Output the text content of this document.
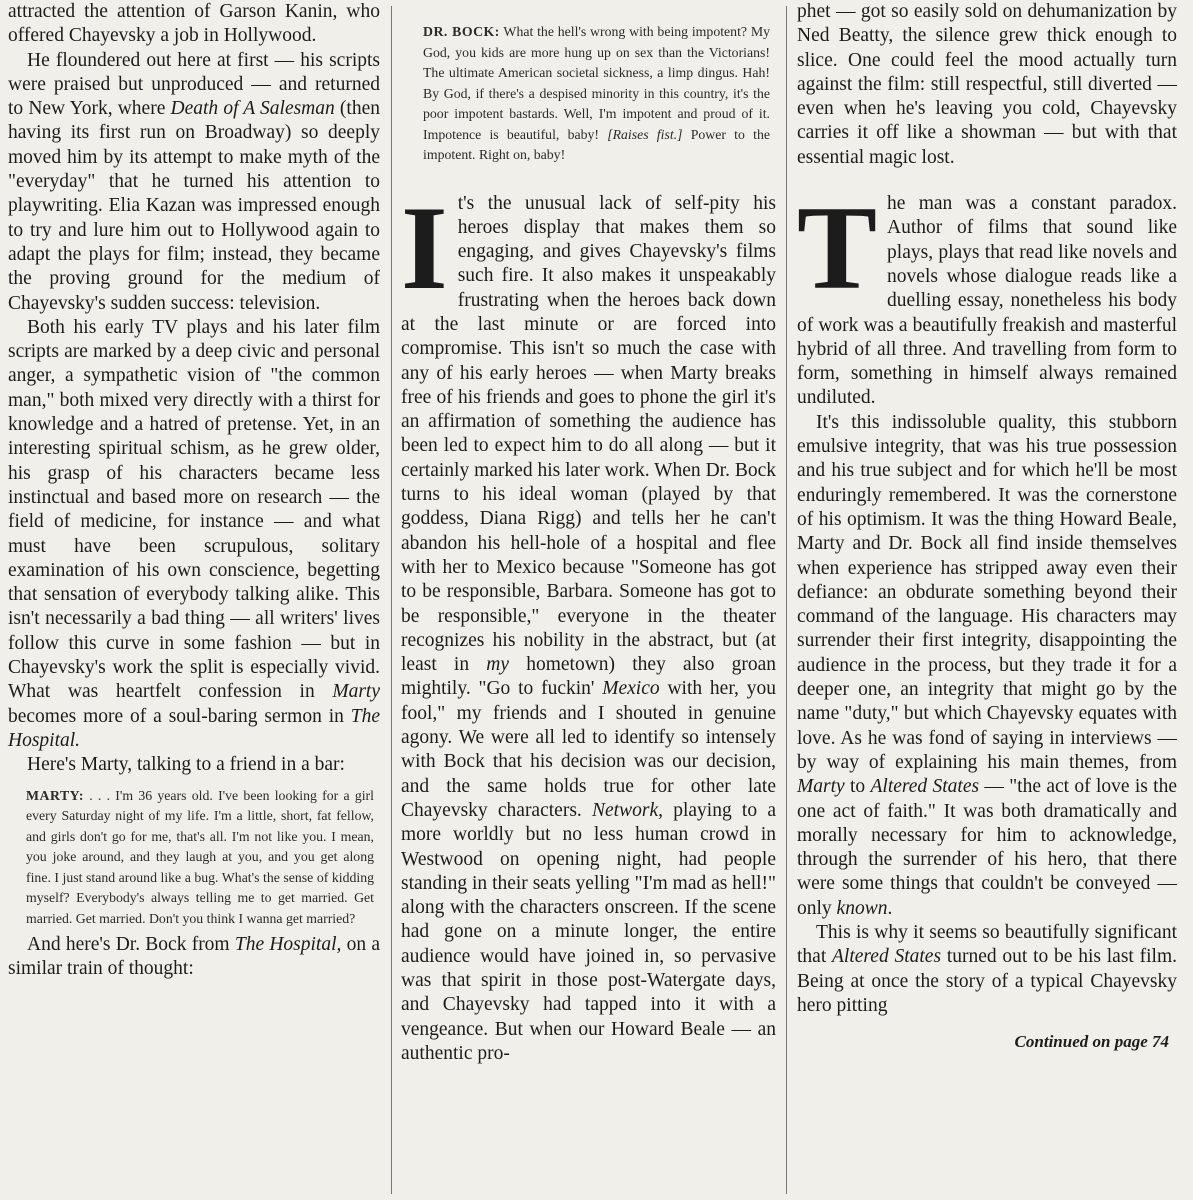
attracted the attention of Garson Kanin, who offered Chayevsky a job in Hollywood.

He floundered out here at first — his scripts were praised but unproduced — and returned to New York, where Death of A Salesman (then having its first run on Broadway) so deeply moved him by its attempt to make myth of the "everyday" that he turned his attention to playwriting. Elia Kazan was impressed enough to try and lure him out to Hollywood again to adapt the plays for film; instead, they became the proving ground for the medium of Chayevsky's sudden success: television.

Both his early TV plays and his later film scripts are marked by a deep civic and personal anger, a sympathetic vision of "the common man," both mixed very directly with a thirst for knowledge and a hatred of pretense. Yet, in an interesting spiritual schism, as he grew older, his grasp of his characters became less instinctual and based more on research — the field of medicine, for instance — and what must have been scrupulous, solitary examination of his own conscience, begetting that sensation of everybody talking alike. This isn't necessarily a bad thing — all writers' lives follow this curve in some fashion — but in Chayevsky's work the split is especially vivid. What was heartfelt confession in Marty becomes more of a soul-baring sermon in The Hospital.

Here's Marty, talking to a friend in a bar:

MARTY: . . . I'm 36 years old. I've been looking for a girl every Saturday night of my life. I'm a little, short, fat fellow, and girls don't go for me, that's all. I'm not like you. I mean, you joke around, and they laugh at you, and you get along fine. I just stand around like a bug. What's the sense of kidding myself? Everybody's always telling me to get married. Get married. Get married. Don't you think I wanna get married?

And here's Dr. Bock from The Hospital, on a similar train of thought:

DR. BOCK: What the hell's wrong with being impotent? My God, you kids are more hung up on sex than the Victorians! The ultimate American societal sickness, a limp dingus. Hah! By God, if there's a despised minority in this country, it's the poor impotent bastards. Well, I'm impotent and proud of it. Impotence is beautiful, baby! [Raises fist.] Power to the impotent. Right on, baby!

It's the unusual lack of self-pity his heroes display that makes them so engaging, and gives Chayevsky's films such fire. It also makes it unspeakably frustrating when the heroes back down at the last minute or are forced into compromise. This isn't so much the case with any of his early heroes — when Marty breaks free of his friends and goes to phone the girl it's an affirmation of something the audience has been led to expect him to do all along — but it certainly marked his later work. When Dr. Bock turns to his ideal woman (played by that goddess, Diana Rigg) and tells her he can't abandon his hell-hole of a hospital and flee with her to Mexico because "Someone has got to be responsible, Barbara. Someone has got to be responsible," everyone in the theater recognizes his nobility in the abstract, but (at least in my hometown) they also groan mightily. "Go to fuckin' Mexico with her, you fool," my friends and I shouted in genuine agony. We were all led to identify so intensely with Bock that his decision was our decision, and the same holds true for other late Chayevsky characters. Network, playing to a more worldly but no less human crowd in Westwood on opening night, had people standing in their seats yelling "I'm mad as hell!" along with the characters onscreen. If the scene had gone on a minute longer, the entire audience would have joined in, so pervasive was that spirit in those post-Watergate days, and Chayevsky had tapped into it with a vengeance. But when our Howard Beale — an authentic pro-

phet — got so easily sold on dehumanization by Ned Beatty, the silence grew thick enough to slice. One could feel the mood actually turn against the film: still respectful, still diverted — even when he's leaving you cold, Chayevsky carries it off like a showman — but with that essential magic lost.

The man was a constant paradox. Author of films that sound like plays, plays that read like novels and novels whose dialogue reads like a duelling essay, nonetheless his body of work was a beautifully freakish and masterful hybrid of all three. And travelling from form to form, something in himself always remained undiluted.

It's this indissoluble quality, this stubborn emulsive integrity, that was his true possession and his true subject and for which he'll be most enduringly remembered. It was the cornerstone of his optimism. It was the thing Howard Beale, Marty and Dr. Bock all find inside themselves when experience has stripped away even their defiance: an obdurate something beyond their command of the language. His characters may surrender their first integrity, disappointing the audience in the process, but they trade it for a deeper one, an integrity that might go by the name "duty," but which Chayevsky equates with love. As he was fond of saying in interviews — by way of explaining his main themes, from Marty to Altered States — "the act of love is the one act of faith." It was both dramatically and morally necessary for him to acknowledge, through the surrender of his hero, that there were some things that couldn't be conveyed — only known.

This is why it seems so beautifully significant that Altered States turned out to be his last film. Being at once the story of a typical Chayevsky hero pitting

Continued on page 74
